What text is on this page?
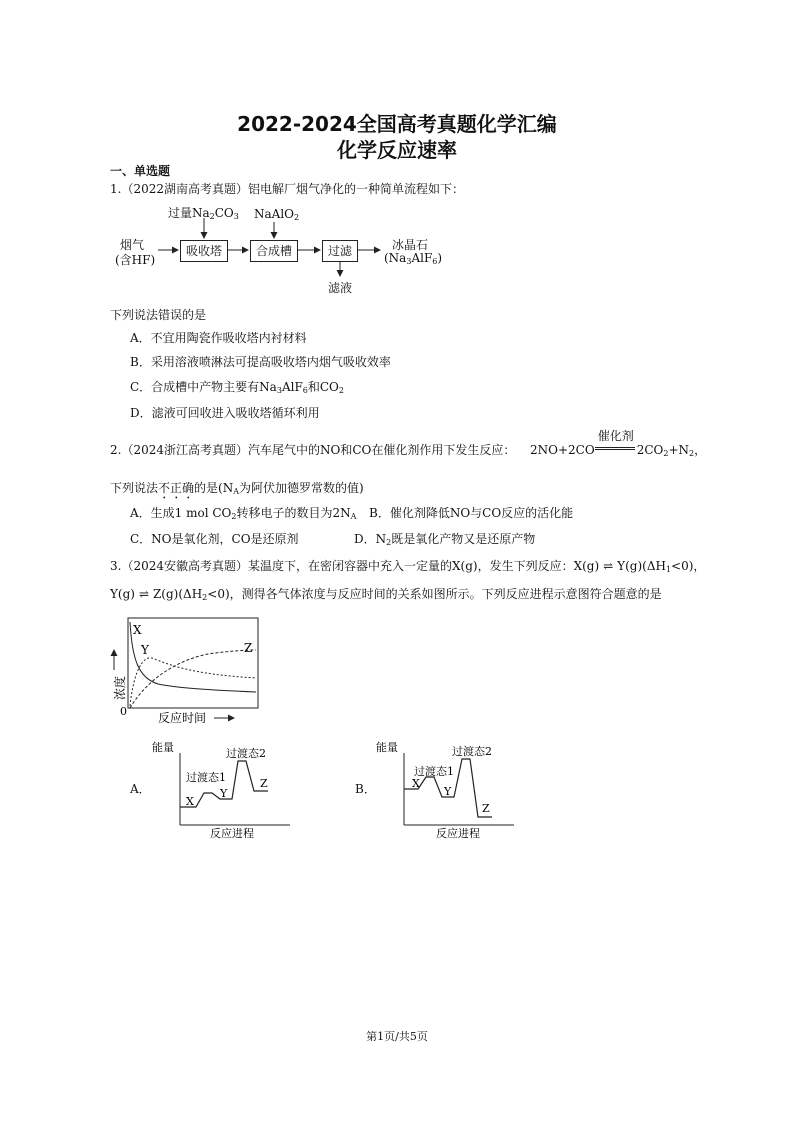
2022-2024全国高考真题化学汇编
化学反应速率
一、单选题
1.（2022湖南高考真题）铝电解厂烟气净化的一种简单流程如下：
过量$Na_2CO_3$ NaAlO$_2$
烟气
(含HF)
吸收塔	合成槽	过滤	冰晶石
$(Na_3AlF_6)$
滤液
下列说法错误的是
A．不宜用陶瓷作吸收塔内衬材料
B．采用溶液喷淋法可提高吸收塔内烟气吸收效率
C．合成槽中产物主要有$Na_3AlF_6$和$CO_2$
D．滤液可回收进入吸收塔循环利用
2.（2024浙江高考真题）汽车尾气中的NO和CO在催化剂作用下发生反应： 2NO+2CO
催化剂
$2CO_2+N_2$，
下列说法不正确的是($N_A$为阿伏加德罗常数的值)
A．生成1 mol $CO_2$转移电子的数目为$2N_A$ B．催化剂降低NO与CO反应的活化能
C．NO是氧化剂，CO是还原剂	D．$N_2$既是氧化产物又是还原产物
3.（2024安徽高考真题）某温度下，在密闭容器中充入一定量的X(g)，发生下列反应：X(g) ⇌ $Y(g)(\Delta H_1<0)$，
Y(g) ⇌ $Z(g)(\Delta H_2<0)$，测得各气体浓度与反应时间的关系如图所示。下列反应进程示意图符合题意的是
X
Y	Z
0	反应时间
浓度
A．
能量
反应进程
过渡态1
过渡态2
X
Y
Z	B．
能量
反应进程
过渡态1
过渡态2
X
Y
Z
第1页/共5页
